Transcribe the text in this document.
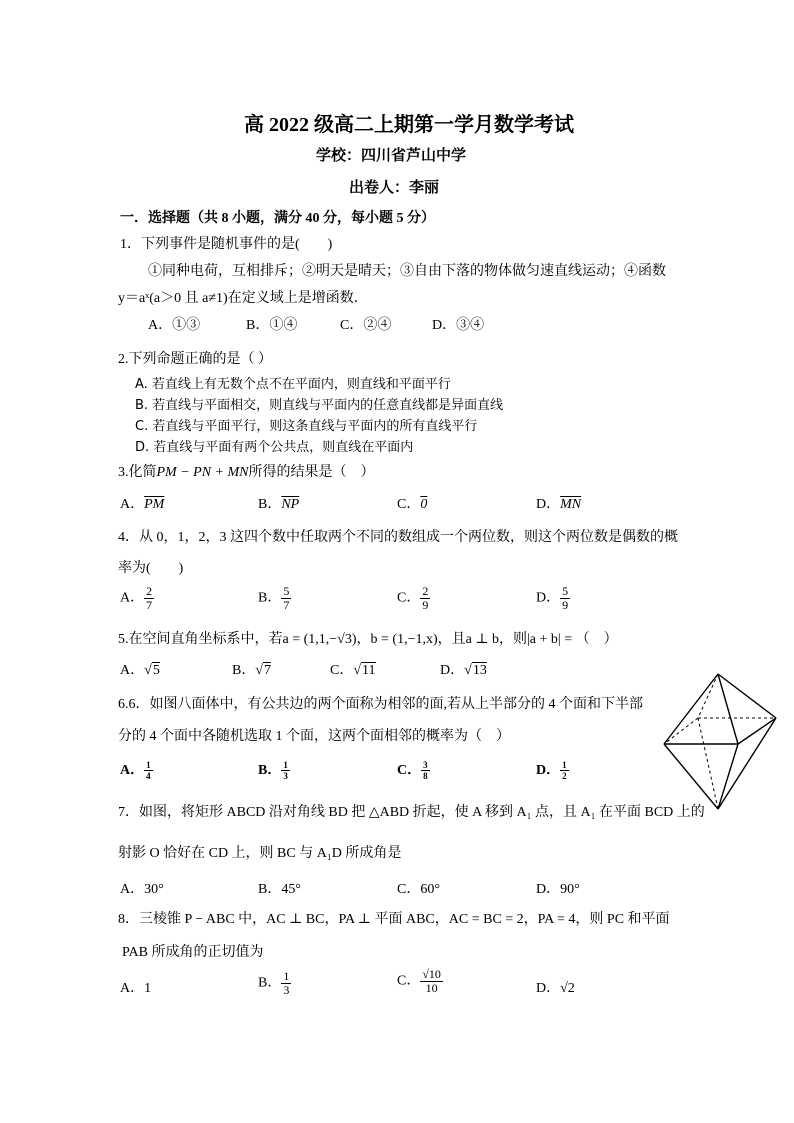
高 2022 级高二上期第一学月数学考试
学校：四川省芦山中学
出卷人：李丽
一．选择题（共 8 小题，满分 40 分，每小题 5 分）
1．下列事件是随机事件的是(　　)
①同种电荷，互相排斥；②明天是晴天；③自由下落的物体做匀速直线运动；④函数
y＝aˣ(a＞0 且 a≠1)在定义域上是增函数．
A．①③	B．①④	C．②④	D．③④
2.下列命题正确的是（ ）
A. 若直线上有无数个点不在平面内，则直线和平面平行
B. 若直线与平面相交，则直线与平面内的任意直线都是异面直线
C. 若直线与平面平行，则这条直线与平面内的所有直线平行
D. 若直线与平面有两个公共点，则直线在平面内
3.化简PM − PN + MN所得的结果是（　）
A．$\overline{PM}$	B．$\overline{NP}$	C．0	D．$\overline{MN}$
4．从 0，1，2，3 这四个数中任取两个不同的数组成一个两位数，则这个两位数是偶数的概
率为(　　)
A． $\frac{2}{7}$	B． $\frac{5}{7}$	C． $\frac{2}{9}$	D． $\frac{5}{9}$
5.在空间直角坐标系中，若a = (1,1,−√3)，b = (1,−1,x)，且a ⊥ b，则|a + b| = （　）
A．√5	B．√7	C．√11	D．√13
6.6．如图八面体中，有公共边的两个面称为相邻的面,若从上半部分的 4 个面和下半部
分的 4 个面中各随机选取 1 个面，这两个面相邻的概率为（　）
A． $\frac{1}{4}$	B． $\frac{1}{3}$	C． $\frac{3}{8}$	D． $\frac{1}{2}$
7．如图，将矩形 ABCD 沿对角线 BD 把 △ABD 折起，使 A 移到 A₁ 点，且 A₁ 在平面 BCD 上的
射影 O 恰好在 CD 上，则 BC 与 A₁D 所成角是
A．30°	B．45°	C．60°	D．90°
8．三棱锥 P − ABC 中，AC ⊥ BC，PA ⊥ 平面 ABC，AC = BC = 2，PA = 4，则 PC 和平面
PAB 所成角的正切值为
A．1	B． $\frac{1}{3}$	C． $\frac{√10}{10}$	D．√2
